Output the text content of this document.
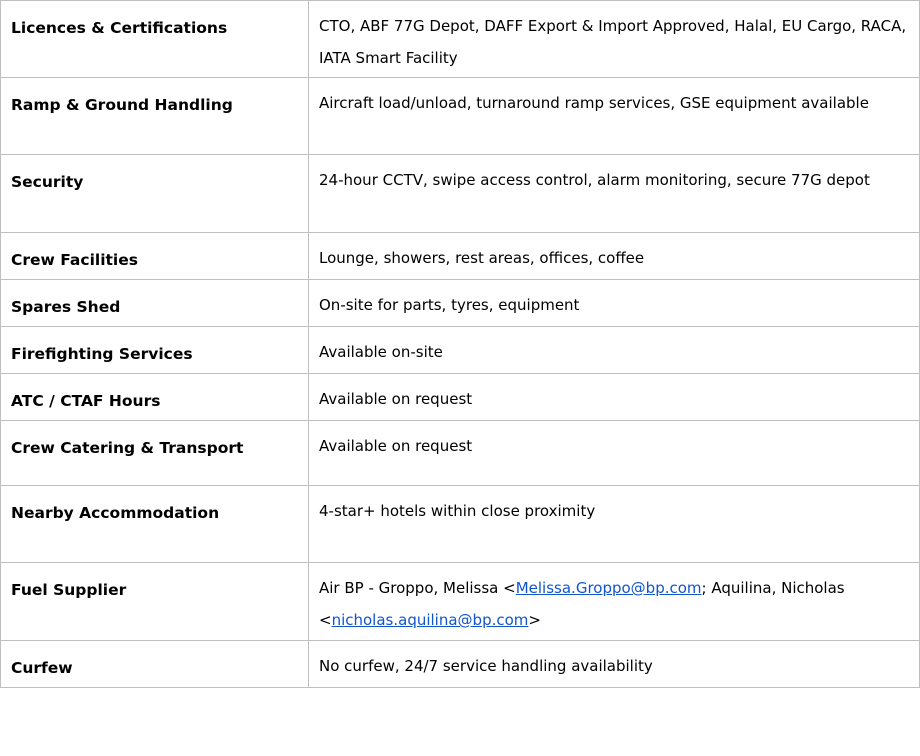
Licences & Certifications	CTO, ABF 77G Depot, DAFF Export & Import Approved, Halal, EU Cargo, RACA, IATA Smart Facility

Ramp & Ground Handling	Aircraft load/unload, turnaround ramp services, GSE equipment available

Security	24-hour CCTV, swipe access control, alarm monitoring, secure 77G depot

Crew Facilities	Lounge, showers, rest areas, offices, coffee

Spares Shed	On-site for parts, tyres, equipment

Firefighting Services	Available on-site

ATC / CTAF Hours	Available on request

Crew Catering & Transport	Available on request

Nearby Accommodation	4-star+ hotels within close proximity

Fuel Supplier	Air BP - Groppo, Melissa <Melissa.Groppo@bp.com; Aquilina, Nicholas <nicholas.aquilina@bp.com>

Curfew	No curfew, 24/7 service handling availability
